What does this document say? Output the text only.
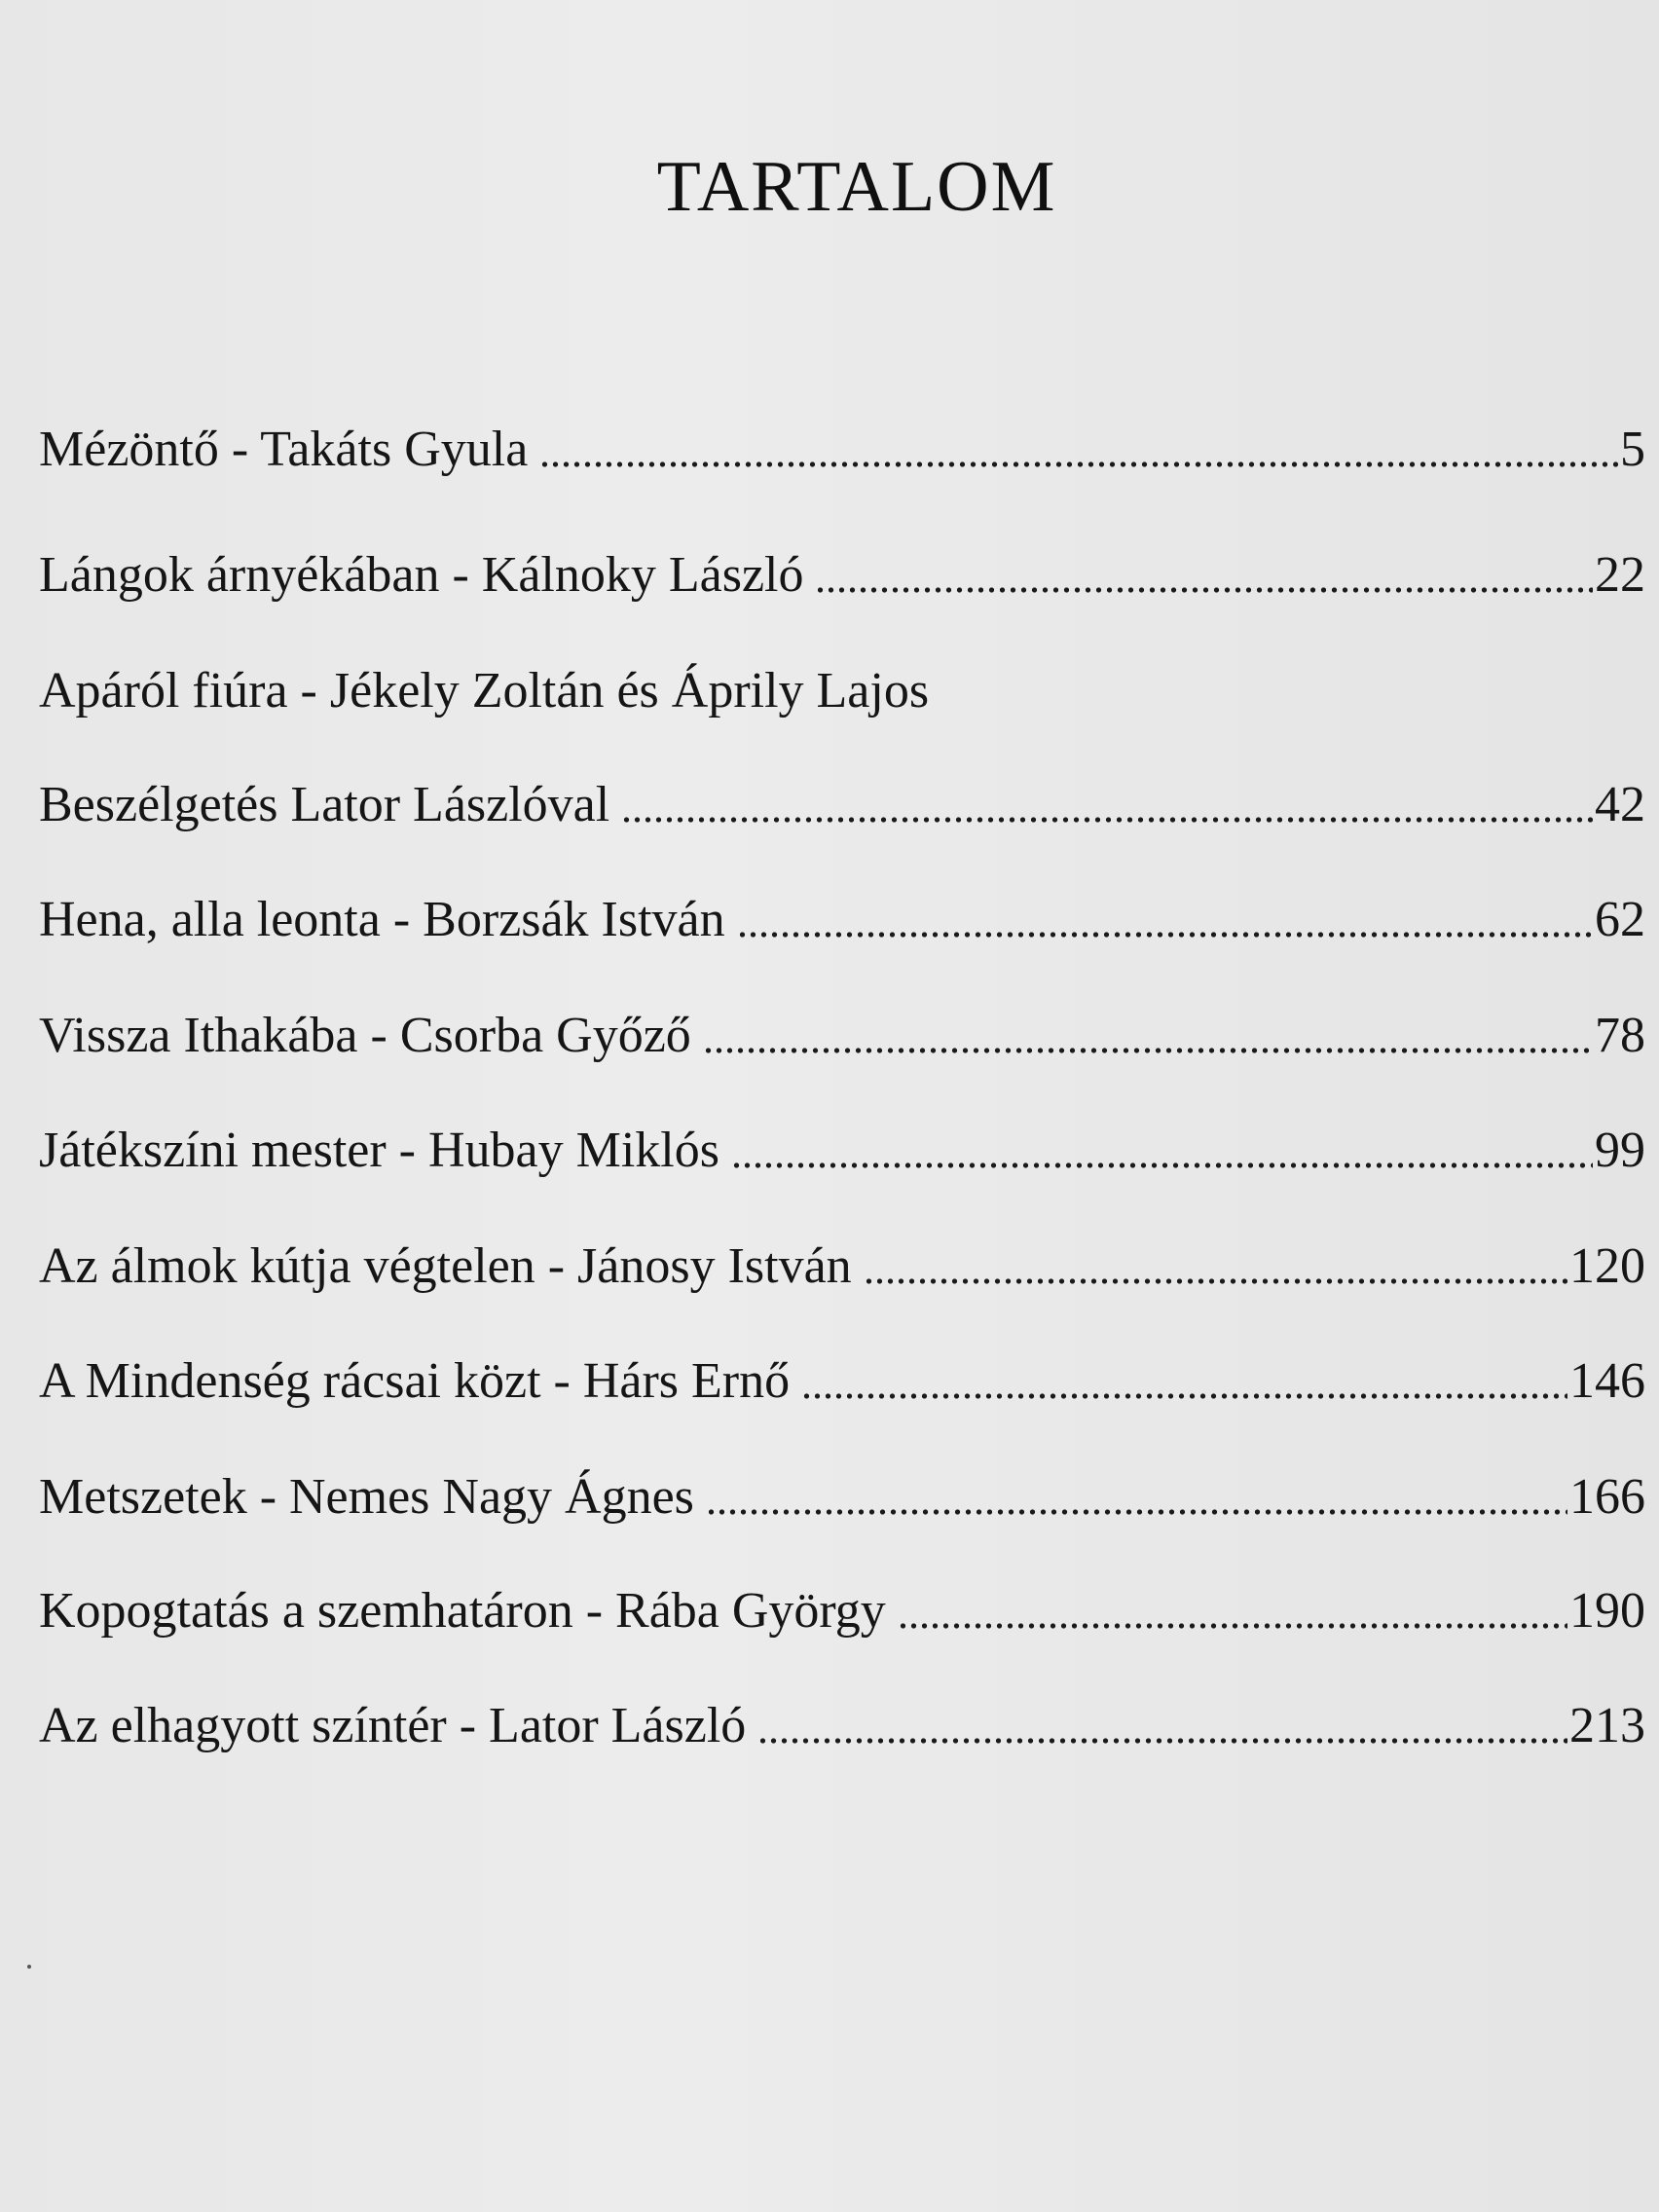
TARTALOM
Mézöntő - Takáts Gyula	5
Lángok árnyékában - Kálnoky László	22
Apáról fiúra - Jékely Zoltán és Áprily Lajos
Beszélgetés Lator Lászlóval	42
Hena, alla leonta - Borzsák István	62
Vissza Ithakába - Csorba Győző	78
Játékszíni mester - Hubay Miklós	99
Az álmok kútja végtelen - Jánosy István	120
A Mindenség rácsai közt - Hárs Ernő	146
Metszetek - Nemes Nagy Ágnes	166
Kopogtatás a szemhatáron - Rába György	190
Az elhagyott színtér - Lator László	213
